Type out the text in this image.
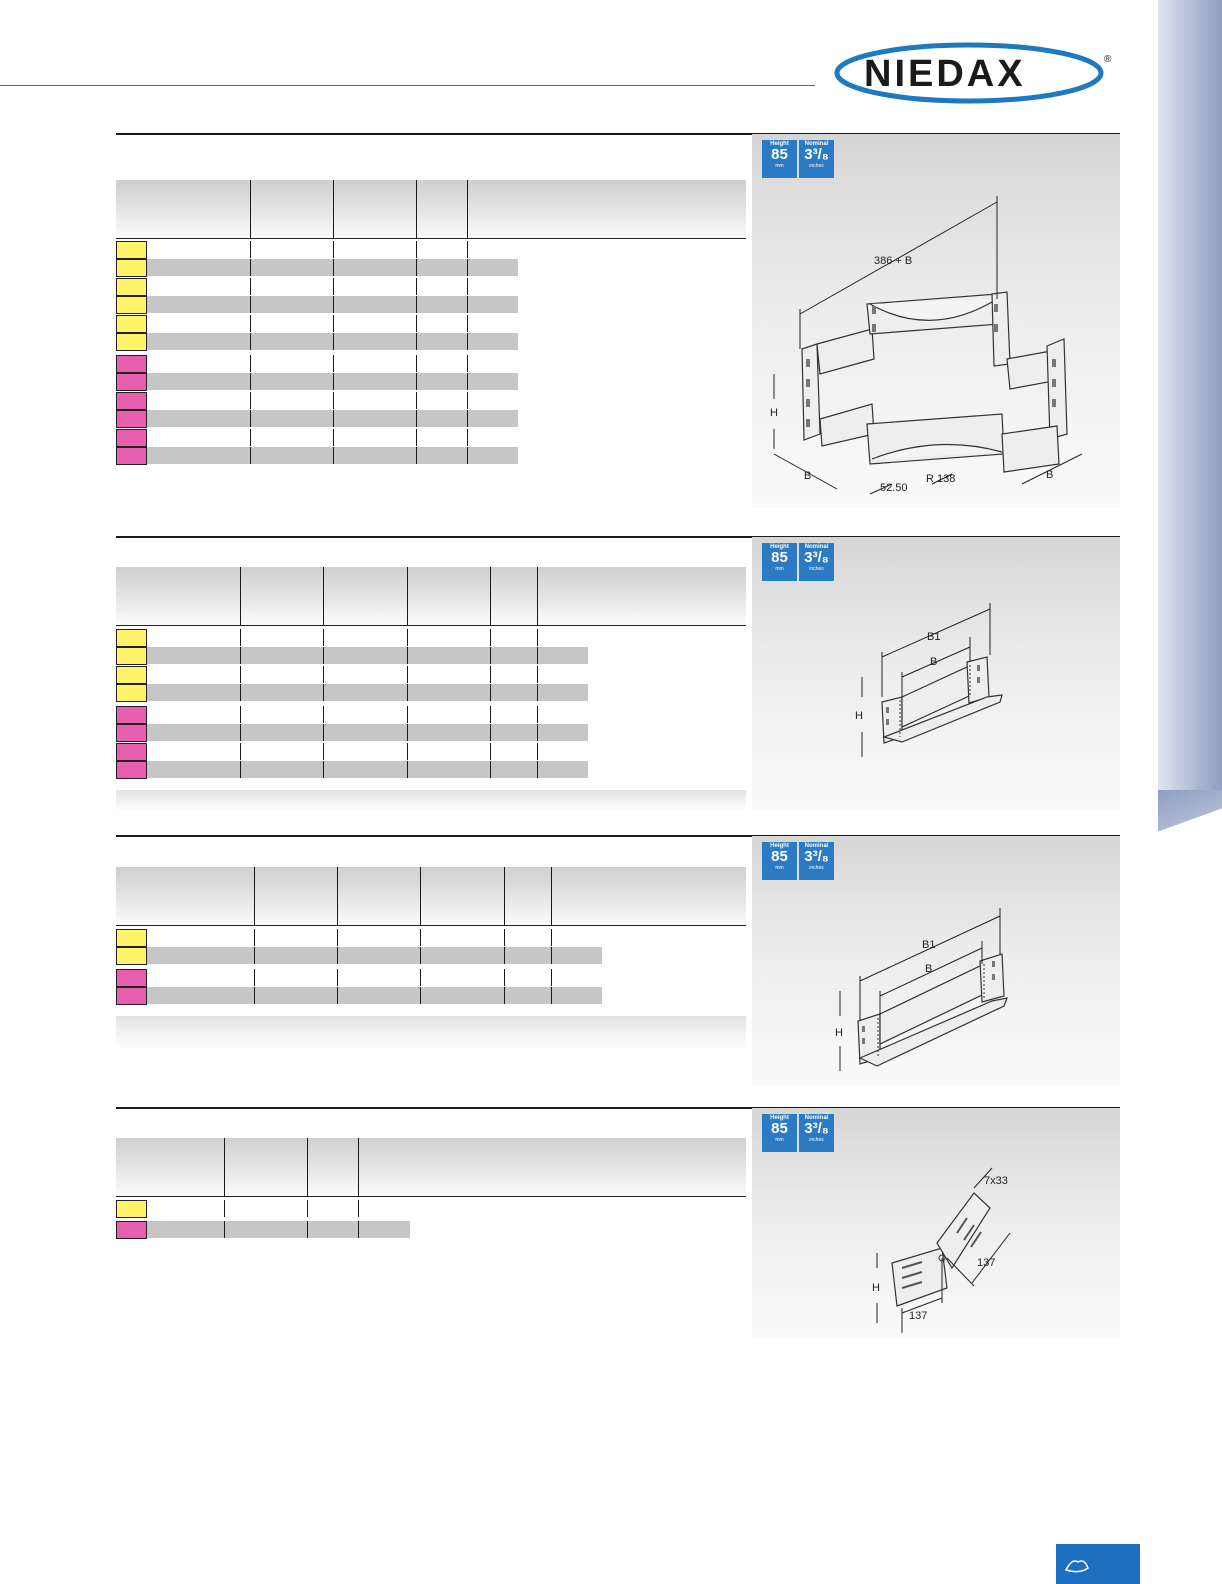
NIEDAX	®
Height
85
mm
Nominal
3³/₈
inches
386 + B
H
B	B
52.50
R 138
Height
85
mm
Nominal
3³/₈
inches
B1
B
H
Height
85
mm
Nominal
3³/₈
inches
B1
B
H
Height
85
mm
Nominal
3³/₈
inches
7x33
H
137
137
